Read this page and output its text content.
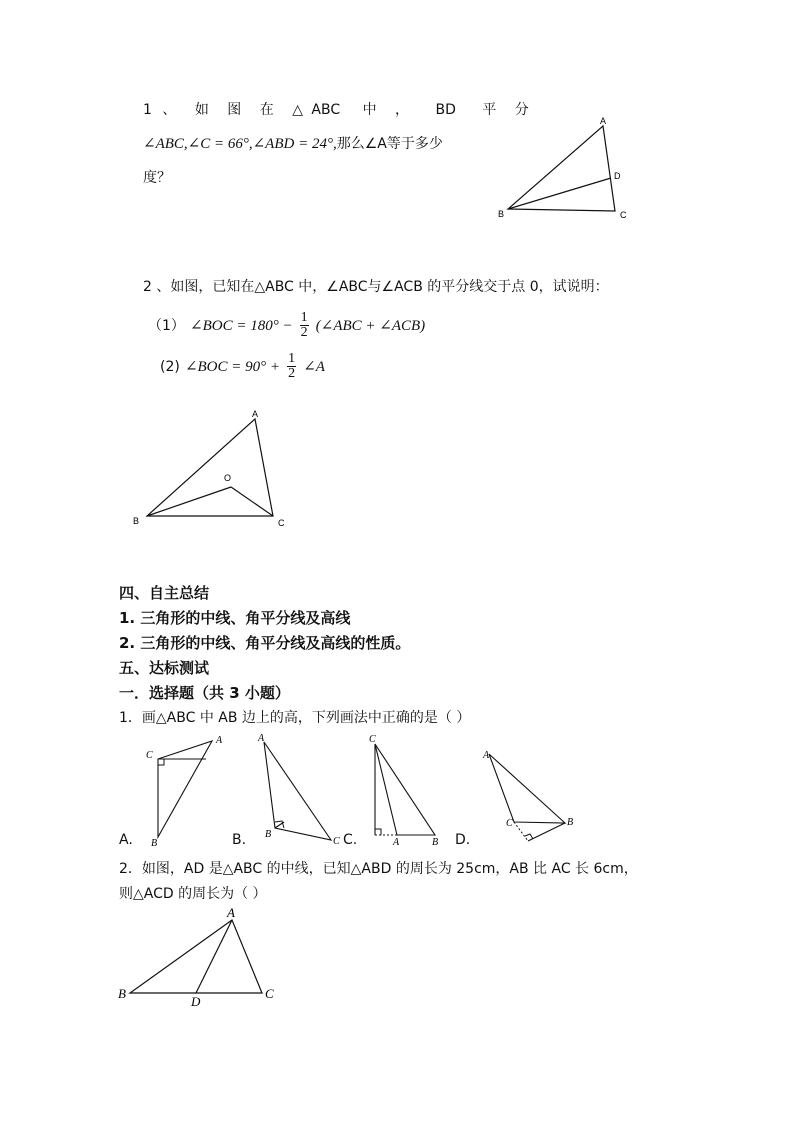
1 、 如 图 在 △ ABC 中 ， BD 平 分
∠ABC,∠C = 66°,∠ABD = 24°,那么∠A等于多少
度？
A
D
B	C
2 、如图，已知在△ABC 中，∠ABC与∠ACB 的平分线交于点 0，试说明：
（1） ∠BOC = $180^\circ - \frac{1}{2}$ (∠ABC + ∠ACB)
(2) ∠BOC = $90^\circ + \frac{1}{2}$ ∠A
A
O
B	C
四、自主总结
1. 三角形的中线、角平分线及高线
2. 三角形的中线、角平分线及高线的性质。
五、达标测试
一．选择题（共 3 小题）
1．画△ABC 中 AB 边上的高，下列画法中正确的是（ ）
C
A
B
A
B
C
C
A	B
A
C	B
A.	B.	C.	D.
2．如图，AD 是△ABC 的中线，已知△ABD 的周长为 25cm，AB 比 AC 长 6cm，
则△ACD 的周长为（ ）
A
B
D
C
